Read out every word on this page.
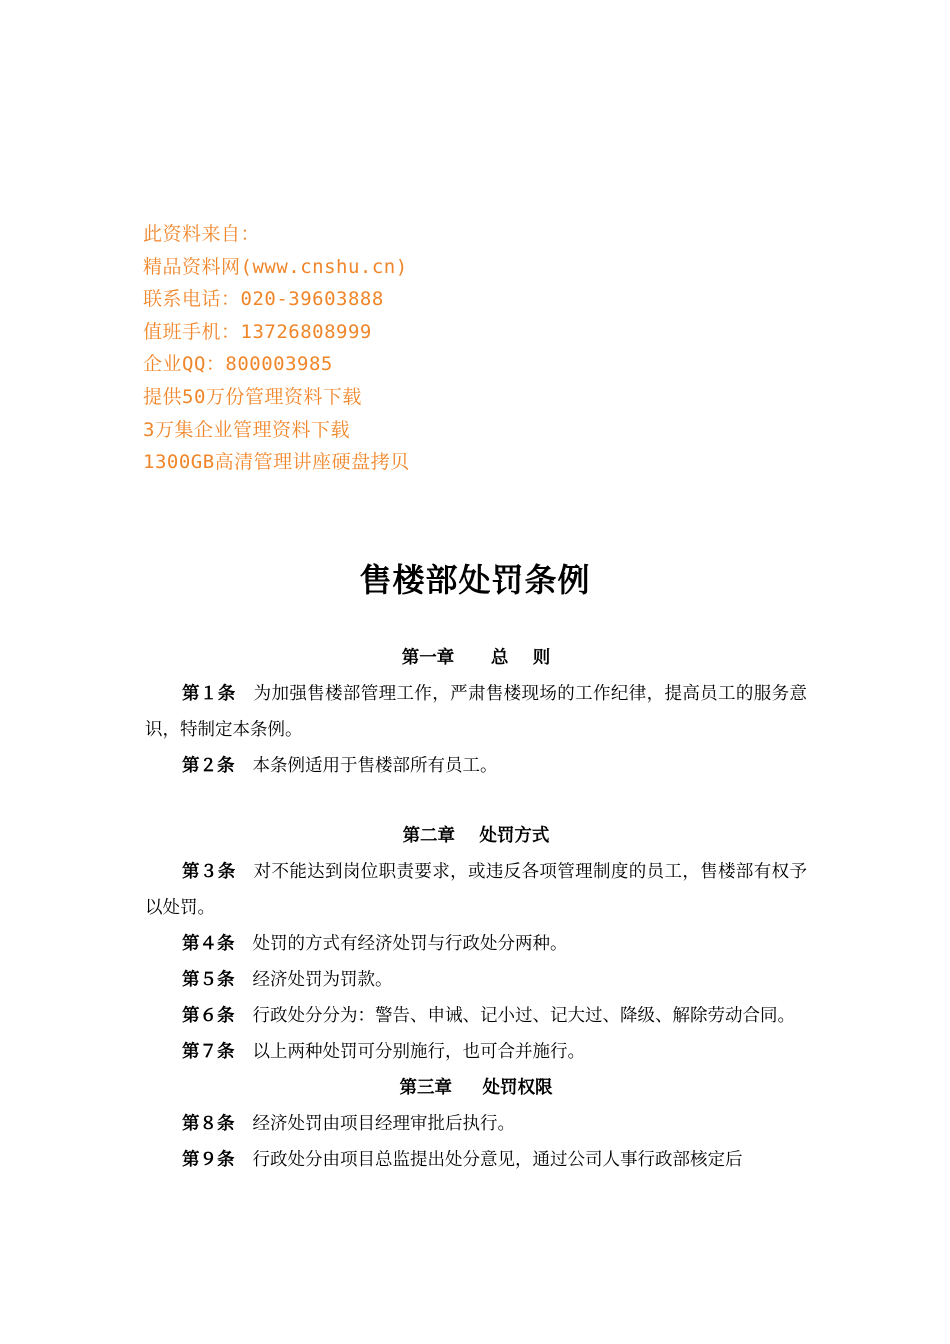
此资料来自：
精品资料网(www.cnshu.cn)
联系电话：020-39603888
值班手机：13726808999
企业QQ：800003985
提供50万份管理资料下载
3万集企业管理资料下载
1300GB高清管理讲座硬盘拷贝
售楼部处罚条例
第一章      总    则

第１条 为加强售楼部管理工作，严肃售楼现场的工作纪律，提高员工的服务意识，特制定本条例。

第２条 本条例适用于售楼部所有员工。

第二章    处罚方式

第３条 对不能达到岗位职责要求，或违反各项管理制度的员工，售楼部有权予以处罚。

第４条 处罚的方式有经济处罚与行政处分两种。

第５条 经济处罚为罚款。

第６条 行政处分分为：警告、申诫、记小过、记大过、降级、解除劳动合同。

第７条 以上两种处罚可分别施行，也可合并施行。

第三章     处罚权限

第８条 经济处罚由项目经理审批后执行。

第９条 行政处分由项目总监提出处分意见，通过公司人事行政部核定后
